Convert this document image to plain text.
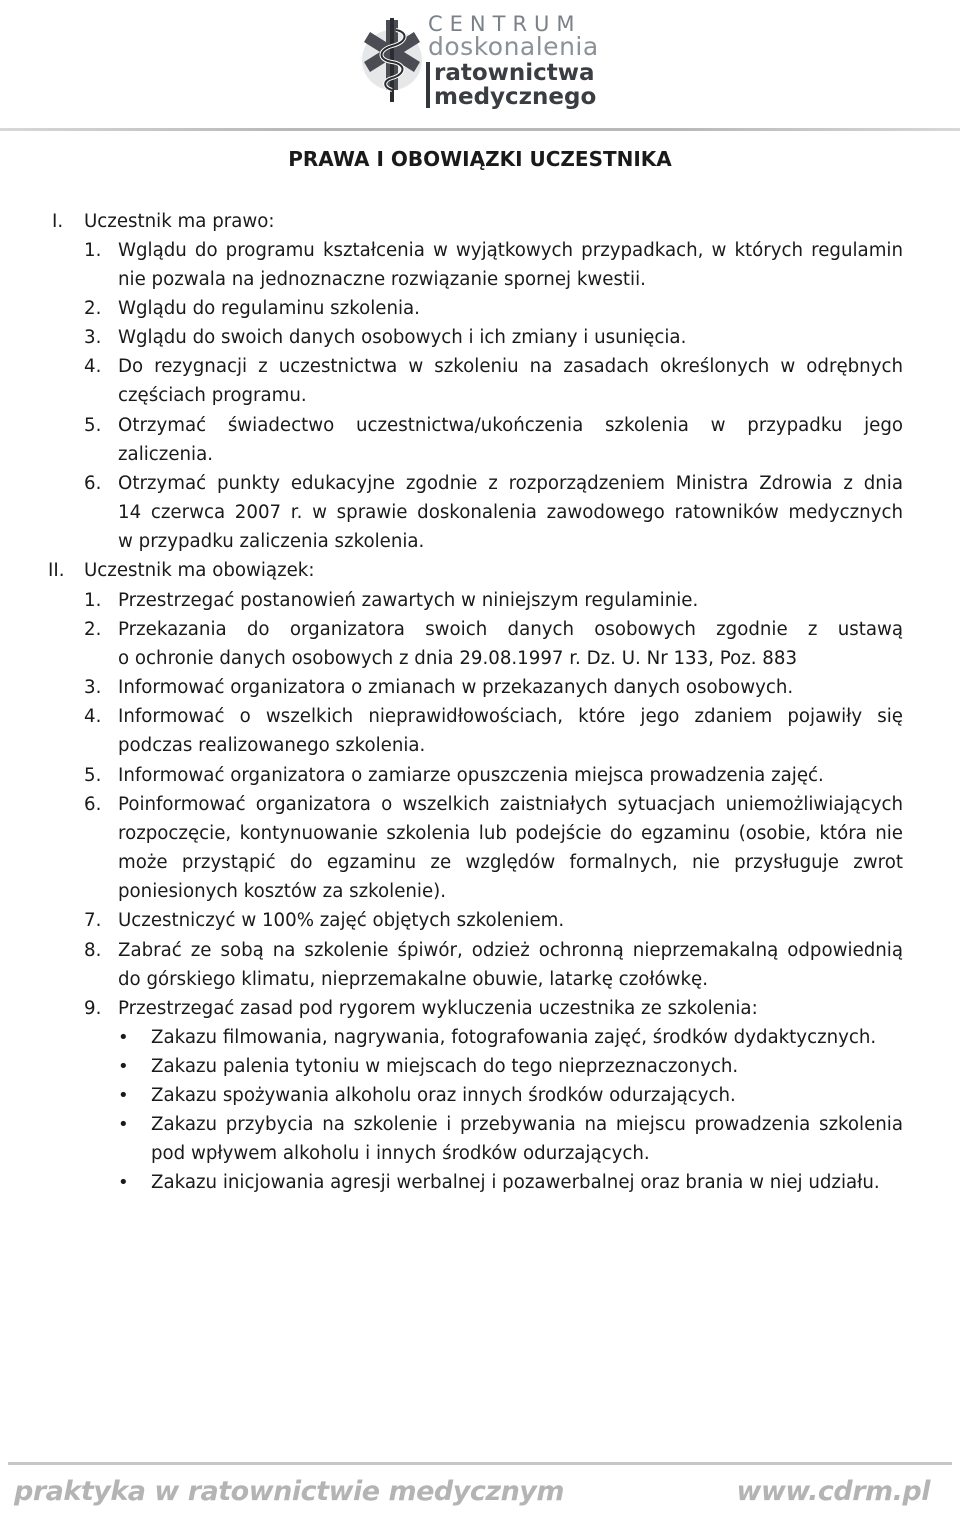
CENTRUM
doskonalenia
ratownictwa
medycznego
PRAWA I OBOWIĄZKI UCZESTNIKA
I. Uczestnik ma prawo:
1. Wglądu do programu kształcenia w wyjątkowych przypadkach, w których regulamin
nie pozwala na jednoznaczne rozwiązanie spornej kwestii.
2. Wglądu do regulaminu szkolenia.
3. Wglądu do swoich danych osobowych i ich zmiany i usunięcia.
4. Do rezygnacji z uczestnictwa w szkoleniu na zasadach określonych w odrębnych
częściach programu.
5. Otrzymać świadectwo uczestnictwa/ukończenia szkolenia w przypadku jego
zaliczenia.
6. Otrzymać punkty edukacyjne zgodnie z rozporządzeniem Ministra Zdrowia z dnia
14 czerwca 2007 r. w sprawie doskonalenia zawodowego ratowników medycznych
w przypadku zaliczenia szkolenia.
II. Uczestnik ma obowiązek:
1. Przestrzegać postanowień zawartych w niniejszym regulaminie.
2. Przekazania do organizatora swoich danych osobowych zgodnie z ustawą
o ochronie danych osobowych z dnia 29.08.1997 r. Dz. U. Nr 133, Poz. 883
3. Informować organizatora o zmianach w przekazanych danych osobowych.
4. Informować o wszelkich nieprawidłowościach, które jego zdaniem pojawiły się
podczas realizowanego szkolenia.
5. Informować organizatora o zamiarze opuszczenia miejsca prowadzenia zajęć.
6. Poinformować organizatora o wszelkich zaistniałych sytuacjach uniemożliwiających
rozpoczęcie, kontynuowanie szkolenia lub podejście do egzaminu (osobie, która nie
może przystąpić do egzaminu ze względów formalnych, nie przysługuje zwrot
poniesionych kosztów za szkolenie).
7. Uczestniczyć w 100% zajęć objętych szkoleniem.
8. Zabrać ze sobą na szkolenie śpiwór, odzież ochronną nieprzemakalną odpowiednią
do górskiego klimatu, nieprzemakalne obuwie, latarkę czołówkę.
9. Przestrzegać zasad pod rygorem wykluczenia uczestnika ze szkolenia:
• Zakazu filmowania, nagrywania, fotografowania zajęć, środków dydaktycznych.
• Zakazu palenia tytoniu w miejscach do tego nieprzeznaczonych.
• Zakazu spożywania alkoholu oraz innych środków odurzających.
• Zakazu przybycia na szkolenie i przebywania na miejscu prowadzenia szkolenia
pod wpływem alkoholu i innych środków odurzających.
• Zakazu inicjowania agresji werbalnej i pozawerbalnej oraz brania w niej udziału.
praktyka w ratownictwie medycznym	www.cdrm.pl
